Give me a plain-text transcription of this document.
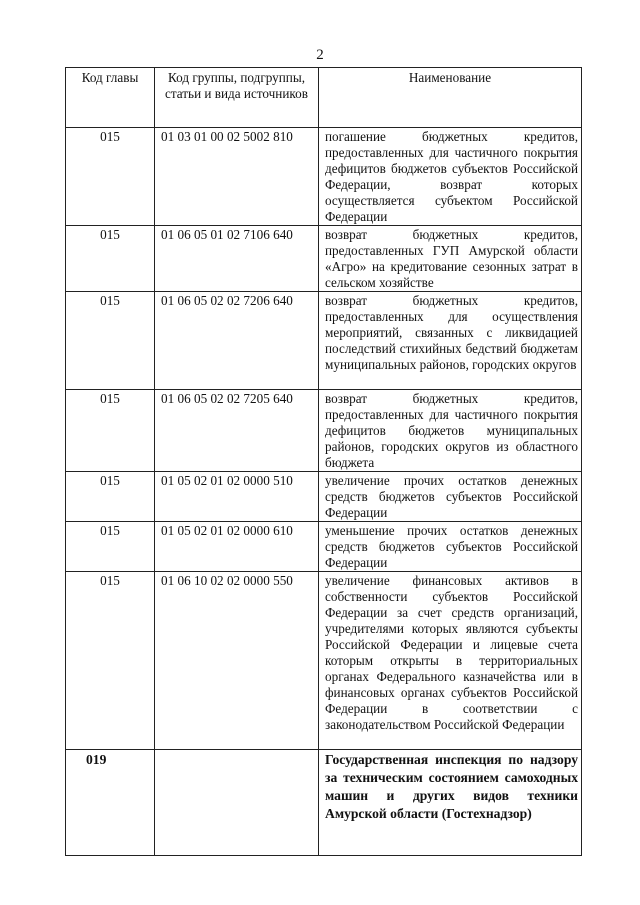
2
Код главы	Код группы, подгруппы, статьи и вида источников	Наименование
015	01 03 01 00 02 5002 810	погашение бюджетных кредитов, предоставленных для частичного покрытия дефицитов бюджетов субъектов Российской Федерации, возврат которых осуществляется субъектом Российской Федерации
015	01 06 05 01 02 7106 640	возврат бюджетных кредитов, предоставленных ГУП Амурской области «Агро» на кредитование сезонных затрат в сельском хозяйстве
015	01 06 05 02 02 7206 640	возврат бюджетных кредитов, предоставленных для осуществления мероприятий, связанных с ликвидацией последствий стихийных бедствий бюджетам муниципальных районов, городских округов
015	01 06 05 02 02 7205 640	возврат бюджетных кредитов, предоставленных для частичного покрытия дефицитов бюджетов муниципальных районов, городских округов из областного бюджета
015	01 05 02 01 02 0000 510	увеличение прочих остатков денежных средств бюджетов субъектов Российской Федерации
015	01 05 02 01 02 0000 610	уменьшение прочих остатков денежных средств бюджетов субъектов Российской Федерации
015	01 06 10 02 02 0000 550	увеличение финансовых активов в собственности субъектов Российской Федерации за счет средств организаций, учредителями которых являются субъекты Российской Федерации и лицевые счета которым открыты в территориальных органах Федерального казначейства или в финансовых органах субъектов Российской Федерации в соответствии с законодательством Российской Федерации
019		Государственная инспекция по надзору за техническим состоянием самоходных машин и других видов техники Амурской области (Гостехнадзор)
